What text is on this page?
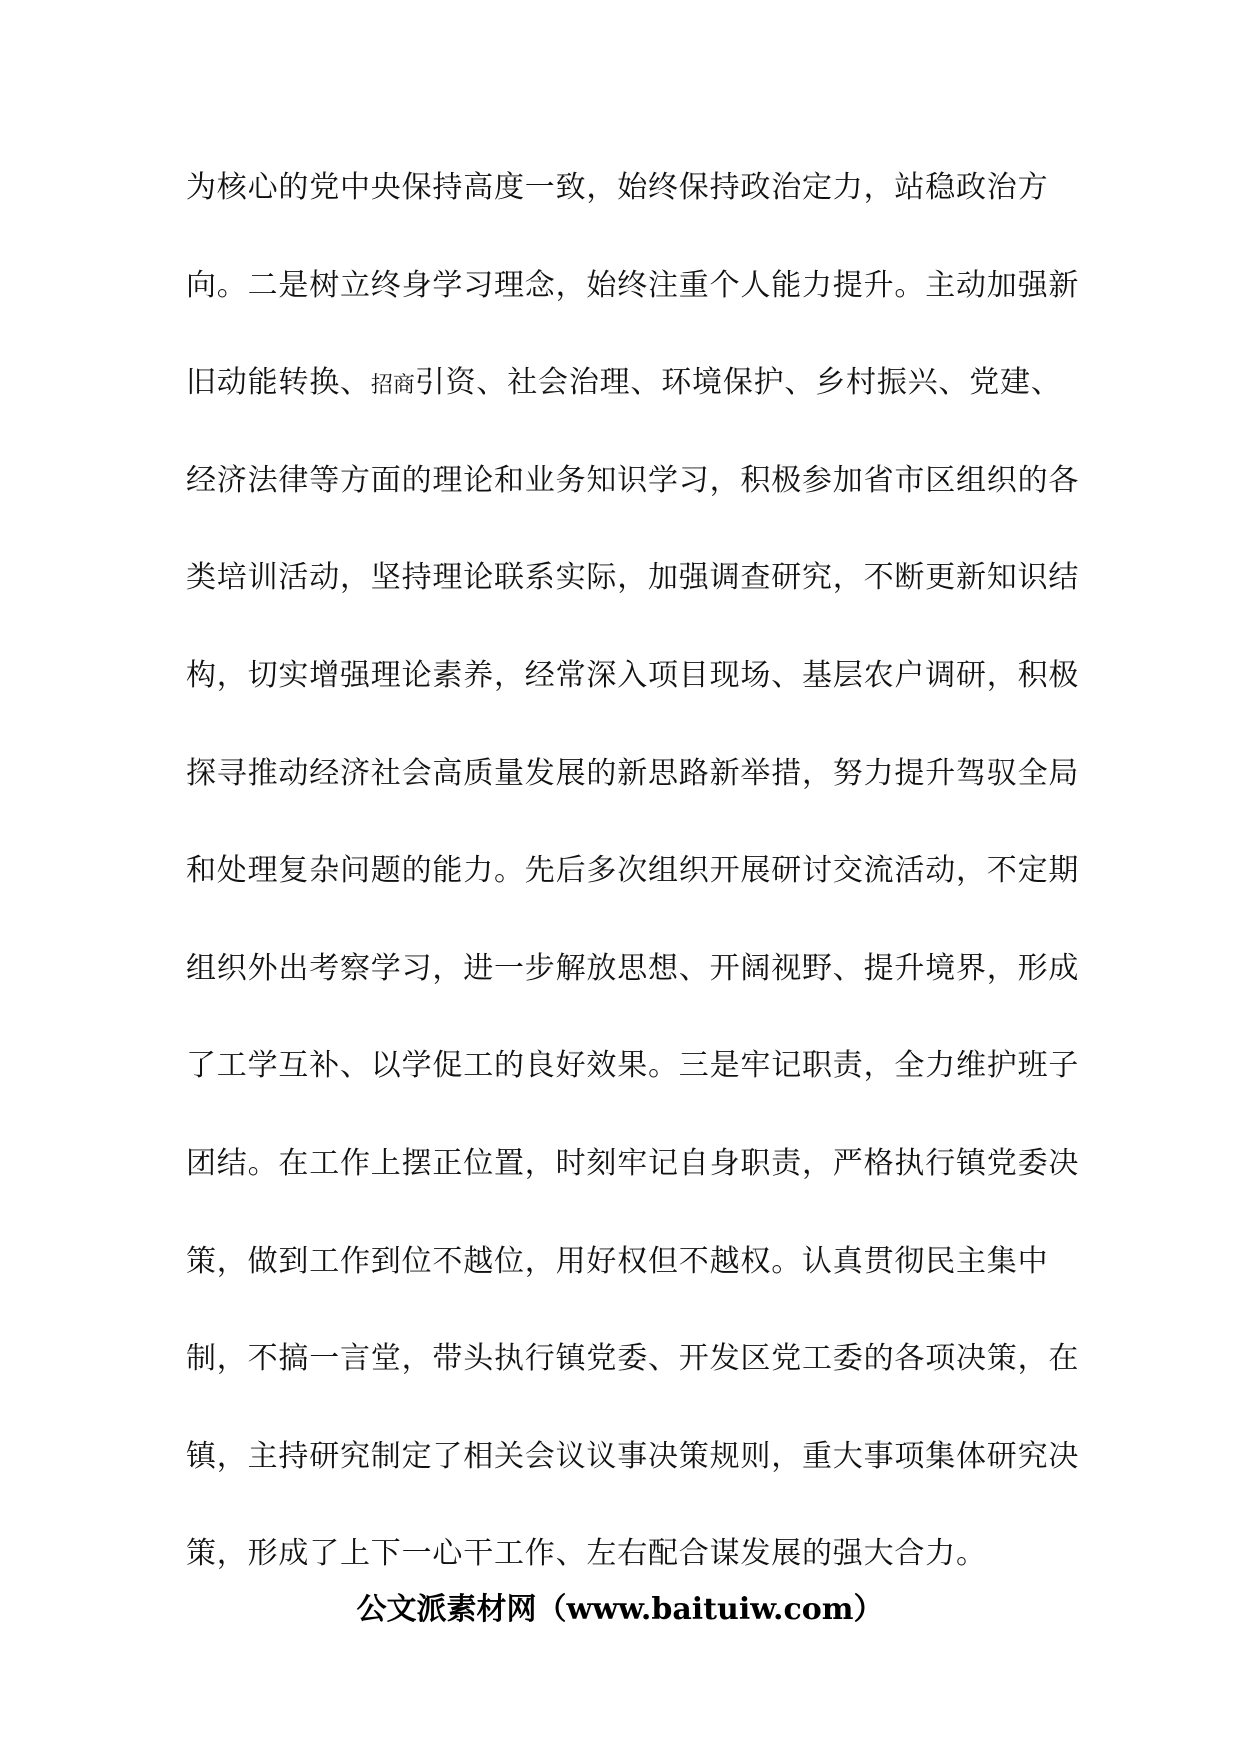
为核心的党中央保持高度一致，始终保持政治定力，站稳政治方
向。二是树立终身学习理念，始终注重个人能力提升。主动加强新
旧动能转换、招商引资、社会治理、环境保护、乡村振兴、党建、
经济法律等方面的理论和业务知识学习，积极参加省市区组织的各
类培训活动，坚持理论联系实际，加强调查研究，不断更新知识结
构，切实增强理论素养，经常深入项目现场、基层农户调研，积极
探寻推动经济社会高质量发展的新思路新举措，努力提升驾驭全局
和处理复杂问题的能力。先后多次组织开展研讨交流活动，不定期
组织外出考察学习，进一步解放思想、开阔视野、提升境界，形成
了工学互补、以学促工的良好效果。三是牢记职责，全力维护班子
团结。在工作上摆正位置，时刻牢记自身职责，严格执行镇党委决
策，做到工作到位不越位，用好权但不越权。认真贯彻民主集中
制，不搞一言堂，带头执行镇党委、开发区党工委的各项决策，在
镇，主持研究制定了相关会议议事决策规则，重大事项集体研究决
策，形成了上下一心干工作、左右配合谋发展的强大合力。
公文派素材网（www.baituiw.com）
